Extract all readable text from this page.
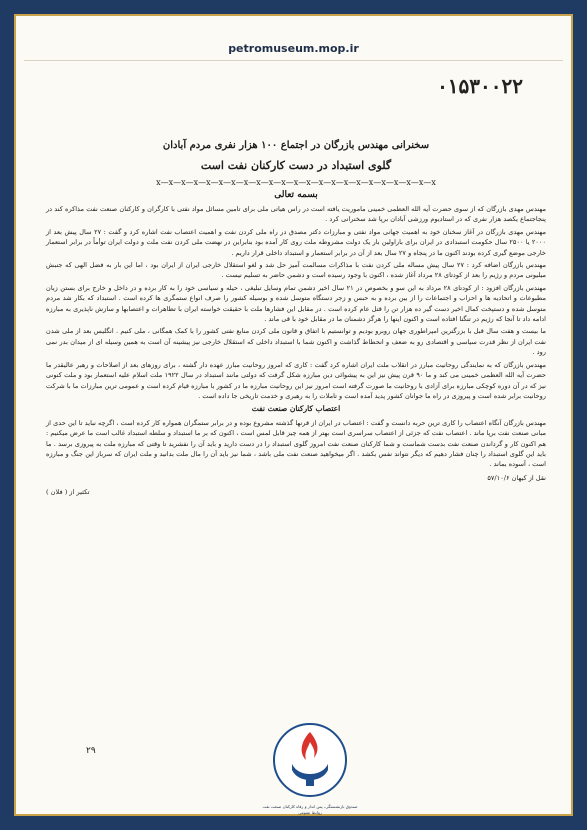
petromuseum.mop.ir
۰۱۵۳۰۰۲۲
سخنرانی مهندس بازرگان در اجتماع ۱۰۰ هزار نفری مردم آبادان
گلوی استبداد در دست کارکنان نفت است
x—x—x—x—x—x—x—x—x—x—x—x—x—x—x—x—x—x—x—x—x—x—x
بسمه تعالی

مهندس مهدی بازرگان که از سوی حضرت آیه الله العظمی خمینی ماموریت یافته است در راس هیاتی ملی برای تامین مسائل مواد نفتی با کارگران و کارکنان صنعت نفت مذاکره کند در پنجاجتماع یکصد هزار نفری که در استادیوم ورزشی آبادان برپا شد سخنرانی کرد .

مهندس مهدی بازرگان در آغاز سخنان خود به اهمیت جهانی مواد نفتی و مبارزات دکتر مصدق در راه ملی کردن نفت و اهمیت اعتصاب نفت اشاره کرد و گفت : ۲۷ سال پیش بعد از ۲۰۰۰ یا ۲۵۰۰ سال حکومت استبدادی در ایران برای باراولین بار یک دولت مشروطه ملت روی کار آمده بود بنابراین در نهضت ملی کردن نفت ملت و دولت ایران توأماً در برابر استعمار خارجی موضع گیری کرده بودند اکنون ما در پنجاه و ۲۷ سال بعد از آن در برابر استعمار و استبداد داخلی قرار داریم .

مهندس بازرگان اضافه کرد : ۲۷ سال پیش مساله ملی کردن نفت با مذاکرات مسالمت آمیز حل شد و لغو استقلال خارجی ایران از ایران بود ، اما این بار به فضل الهی که جنبش میلیونی مردم و رژیم را بعد از کودتای ۲۸ مرداد آغاز شده ، اکنون با وجود رسیده است و دشمن حاضر به تسلیم نیست .

مهندس بازرگان افزود : از کودتای ۲۸ مرداد به این سو و بخصوص در ۲۱ سال اخیر دشمن تمام وسایل تبلیغی ، حیله و سیاسی خود را به کار برده و در داخل و خارج برای بستن زبان مطبوعات و اتحادیه ها و احزاب و اجتماعات را از بین برده و به حبس و زجر دستگاه متوسل شده و بوسیله کشور را صرف انواع ستمگری ها کرده است . استبداد که بکار شد مردم متوسل شده و دستپخت کمال اخیر دست گیر ده هزار تن را قتل عام کرده است . در مقابل این فشارها ملت با حقیقت خواسته ایران با تظاهرات و اعتصابها و سازش ناپذیری به مبارزه ادامه داد تا آنجا که رژیم در تنگنا افتاده است و اکنون اینها را هرگز دشمنان ما در مقابل خود با قی ماند .

ما بیست و هفت سال قبل با بزرگترین امپراطوری جهان روبرو بودیم و توانستیم با اتفاق و قانون ملی کردن منابع نفتی کشور را با کمک همگانی ، ملی کنیم . انگلیس بعد از ملی شدن نفت ایران از نظر قدرت سیاسی و اقتصادی رو به ضعف و انحطاط گذاشت و اکنون شما با استبداد داخلی که استقلال خارجی نیز پیشینه آن است به همین وسیله ای از میدان بدر نمی رود .

مهندس بازرگان که به نمایندگی روحانیت مبارز در انقلاب ملت ایران اشاره کرد گفت : کاری که امروز روحانیت مبارز عهده دار گشته ، برای روزهای بعد از اصلاحات و رهبر عالیقدر ما حضرت آیه الله العظمی خمینی می کند و ما ۹۰ قرن پیش نیز این به پیشوائی دین مبارزه شکل گرفت که دولتی مانند استبداد در سال ۱۹۲۲ ملت اسلام علیه استعمار بود و ملت کنونی نیز که در آن دوره کوچکی مبارزه برای آزادی با روحانیت ما صورت گرفته است امروز نیز این روحانیت مبارزه ما در کشور با مبارزه قیام کرده است و عمومی ترین مبارزات ما با شرکت روحانیت برابر شده است و پیروزی در راه ما جوانان کشور پدید آمده است و تاملات را به رهبری و خدمت تاریخی جا داده است .

اعتصاب کارکنان صنعت نفت

مهندس بازرگان آنگاه اعتصاب را کاری ترین حربه دانست و گفت : اعتصاب در ایران از قرنها گذشته مشروع بوده و در برابر ستمگران همواره کار کرده است ، اگرچه نباید تا این حدی از مبانی صنعت نفت برپا ماند . اعتصاب نفت که جزئی از اعتصاب سراسری است بهتر از همه چیز قابل لمس است ، اکنون که بر ما استبداد و سلطه استبداد غالب است ما عرض میکنیم : هم اکنون کار و گرداندن صنعت نفت بدست شماست و شما کارکنان صنعت نفت امروز گلوی استبداد را در دست دارید و باید آن را نفشرید تا وقتی که مبارزه ملت به پیروزی برسد . ما باید این گلوی استبداد را چنان فشار دهیم که دیگر نتواند نفس بکشد . اگر میخواهید صنعت نفت ملی باشد ، شما نیز باید آن را مال ملت بدانید و ملت ایران که سرباز این جنگ و مبارزه است ، آسوده بماند .

نقل از کیهان ۵۷/۱۰/۶
تکثیر از ( فلان )
۲۹
صندوق بازنشستگی، پس انداز و رفاه کارکنان صنعت نفت
روابط عمومی
